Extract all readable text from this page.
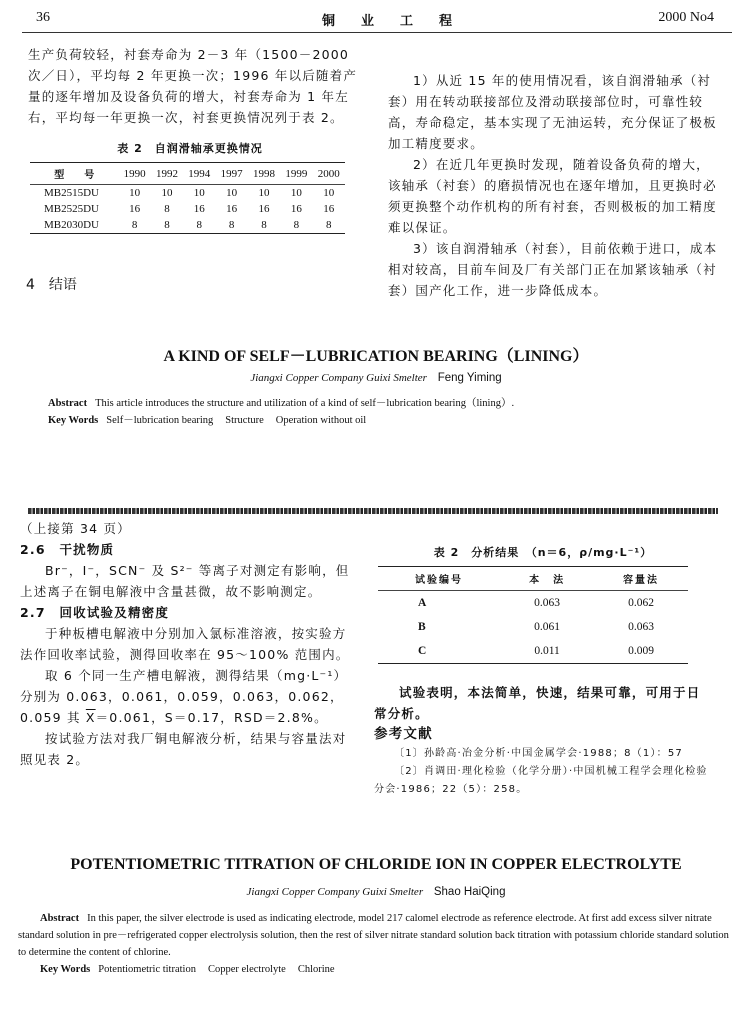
36	铜业工程	2000 No4

生产负荷较轻，衬套寿命为 2－3 年（1500－2000 次／日），平均每 2 年更换一次；1996 年以后随着产量的逐年增加及设备负荷的增大，衬套寿命为 1 年左右，平均每一年更换一次，衬套更换情况列于表 2。

表 2　自润滑轴承更换情况
型　　号	1990	1992	1994	1997	1998	1999	2000
MB2515DU	10	10	10	10	10	10	10
MB2525DU	16	8	16	16	16	16	16
MB2030DU	8	8	8	8	8	8	8
4　结语

1）从近 15 年的使用情况看，该自润滑轴承（衬套）用在转动联接部位及滑动联接部位时，可靠性较高，寿命稳定，基本实现了无油运转，充分保证了极板加工精度要求。

2）在近几年更换时发现，随着设备负荷的增大，该轴承（衬套）的磨损情况也在逐年增加，且更换时必须更换整个动作机构的所有衬套，否则极板的加工精度难以保证。

3）该自润滑轴承（衬套），目前依赖于进口，成本相对较高，目前车间及厂有关部门正在加紧该轴承（衬套）国产化工作，进一步降低成本。

A KIND OF SELF－LUBRICATION BEARING（LINING）
Jiangxi Copper Company Guixi Smelter Feng Yiming
Abstract This article introduces the structure and utilization of a kind of self－lubrication bearing（lining）.
Key Words Self－lubrication bearing Structure Operation without oil

（上接第 34 页）

2.6　干扰物质

Br⁻，I⁻，SCN⁻ 及 S²⁻ 等离子对测定有影响，但上述离子在铜电解液中含量甚微，故不影响测定。

2.7　回收试验及精密度

于种板槽电解液中分别加入氯标准溶液，按实验方法作回收率试验，测得回收率在 95～100% 范围内。

取 6 个同一生产槽电解液，测得结果（mg·L⁻¹）分别为 0.063，0.061，0.059，0.063，0.062，0.059 其 $\overline{X}=0.061$，S＝0.17，RSD＝2.8%。

按试验方法对我厂铜电解液分析，结果与容量法对照见表 2。

表 2　分析结果　（n＝6，ρ/mg·L⁻¹）
试验编号	本　法	容量法
A	0.063	0.062
B	0.061	0.063
C	0.011	0.009

试验表明，本法简单，快速，结果可靠，可用于日常分析。

参考文献

〔1〕孙龄高·冶金分析·中国金属学会·1988；8（1）：57

〔2〕肖调田·理化检验（化学分册）·中国机械工程学会理化检验分会·1986；22（5）：258。

POTENTIOMETRIC TITRATION OF CHLORIDE ION IN COPPER ELECTROLYTE
Jiangxi Copper Company Guixi Smelter Shao HaiQing
Abstract In this paper, the silver electrode is used as indicating electrode, model 217 calomel electrode as reference electrode. At first add excess silver nitrate standard solution in pre－refrigerated copper electrolysis solution, then the rest of silver nitrate standard solution back titration with potassium chloride standard solution to determine the content of chlorine.
Key Words Potentiometric titration Copper electrolyte Chlorine
